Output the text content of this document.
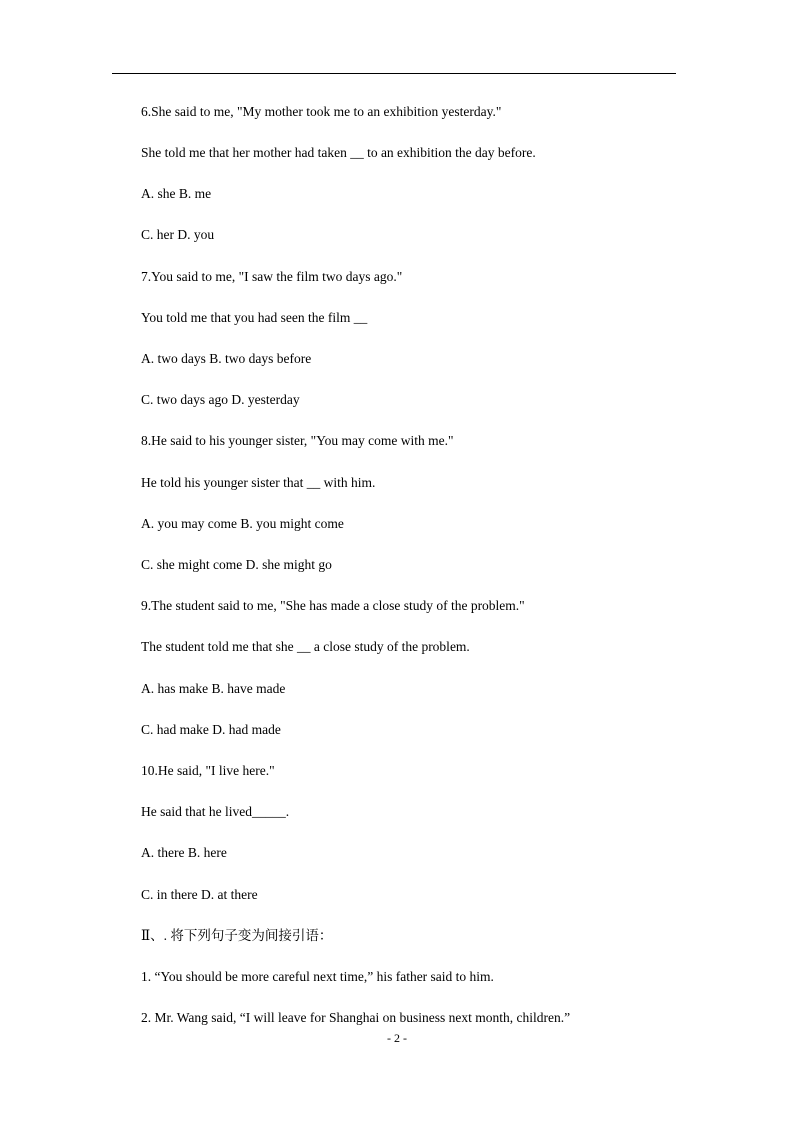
6.She said to me, "My mother took me to an exhibition yesterday."
She told me that her mother had taken __ to an exhibition the day before.
A. she B. me
C. her D. you
7.You said to me, "I saw the film two days ago."
You told me that you had seen the film __
A. two days B. two days before
C. two days ago D. yesterday
8.He said to his younger sister, "You may come with me."
He told his younger sister that __ with him.
A. you may come B. you might come
C. she might come D. she might go
9.The student said to me, "She has made a close study of the problem."
The student told me that she __ a close study of the problem.
A. has make B. have made
C. had make D. had made
10.He said, "I live here."
He said that he lived_____.
A. there B. here
C. in there D. at there
Ⅱ、. 将下列句子变为间接引语：
1. “You should be more careful next time,” his father said to him.
2. Mr. Wang said, “I will leave for Shanghai on business next month, children.”
- 2 -
